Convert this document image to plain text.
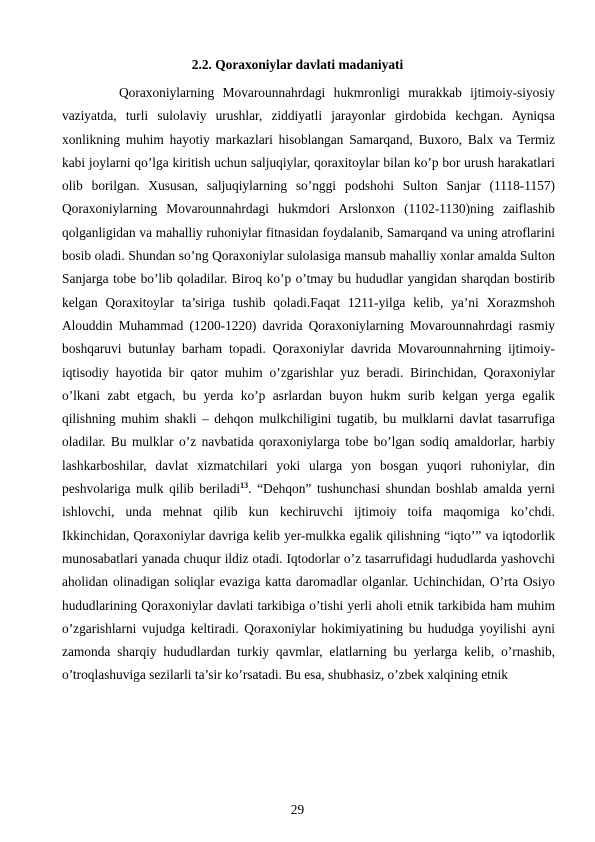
2.2. Qoraxoniylar davlati madaniyati

Qoraxoniylarning Movarounnahrdagi hukmronligi murakkab ijtimoiy-siyosiy vaziyatda, turli sulolaviy urushlar, ziddiyatli jarayonlar girdobida kechgan. Ayniqsa xonlikning muhim hayotiy markazlari hisoblangan Samarqand, Buxoro, Balx va Termiz kabi joylarni qo’lga kiritish uchun saljuqiylar, qoraxitoylar bilan ko’p bor urush harakatlari olib borilgan. Xususan, saljuqiylarning so’nggi podshohi Sulton Sanjar (1118-1157) Qoraxoniylarning Movarounnahrdagi hukmdori Arslonxon (1102-1130)ning zaiflashib qolganligidan va mahalliy ruhoniylar fitnasidan foydalanib, Samarqand va uning atroflarini bosib oladi. Shundan so’ng Qoraxoniylar sulolasiga mansub mahalliy xonlar amalda Sulton Sanjarga tobe bo’lib qoladilar. Biroq ko’p o’tmay bu hududlar yangidan sharqdan bostirib kelgan Qoraxitoylar ta’siriga tushib qoladi.Faqat 1211-yilga kelib, ya’ni Xorazmshoh Alouddin Muhammad (1200-1220) davrida Qoraxoniylarning Movarounnahrdagi rasmiy boshqaruvi butunlay barham topadi. Qoraxoniylar davrida Movarounnahrning ijtimoiy-iqtisodiy hayotida bir qator muhim o’zgarishlar yuz beradi. Birinchidan, Qoraxoniylar o’lkani zabt etgach, bu yerda ko’p asrlardan buyon hukm surib kelgan yerga egalik qilishning muhim shakli – dehqon mulkchiligini tugatib, bu mulklarni davlat tasarrufiga oladilar. Bu mulklar o’z navbatida qoraxoniylarga tobe bo’lgan sodiq amaldorlar, harbiy lashkarboshilar, davlat xizmatchilari yoki ularga yon bosgan yuqori ruhoniylar, din peshvolariga mulk qilib beriladi$^{13}$. “Dehqon” tushunchasi shundan boshlab amalda yerni ishlovchi, unda mehnat qilib kun kechiruvchi ijtimoiy toifa maqomiga ko’chdi. Ikkinchidan, Qoraxoniylar davriga kelib yer-mulkka egalik qilishning “iqto’” va iqtodorlik munosabatlari yanada chuqur ildiz otadi. Iqtodorlar o’z tasarrufidagi hududlarda yashovchi aholidan olinadigan soliqlar evaziga katta daromadlar olganlar. Uchinchidan, O’rta Osiyo hududlarining Qoraxoniylar davlati tarkibiga o’tishi yerli aholi etnik tarkibida ham muhim o’zgarishlarni vujudga keltiradi. Qoraxoniylar hokimiyatining bu hududga yoyilishi ayni zamonda sharqiy hududlardan turkiy qavmlar, elatlarning bu yerlarga kelib, o’rnashib, o’troqlashuviga sezilarli ta’sir ko’rsatadi. Bu esa, shubhasiz, o’zbek xalqining etnik

29
